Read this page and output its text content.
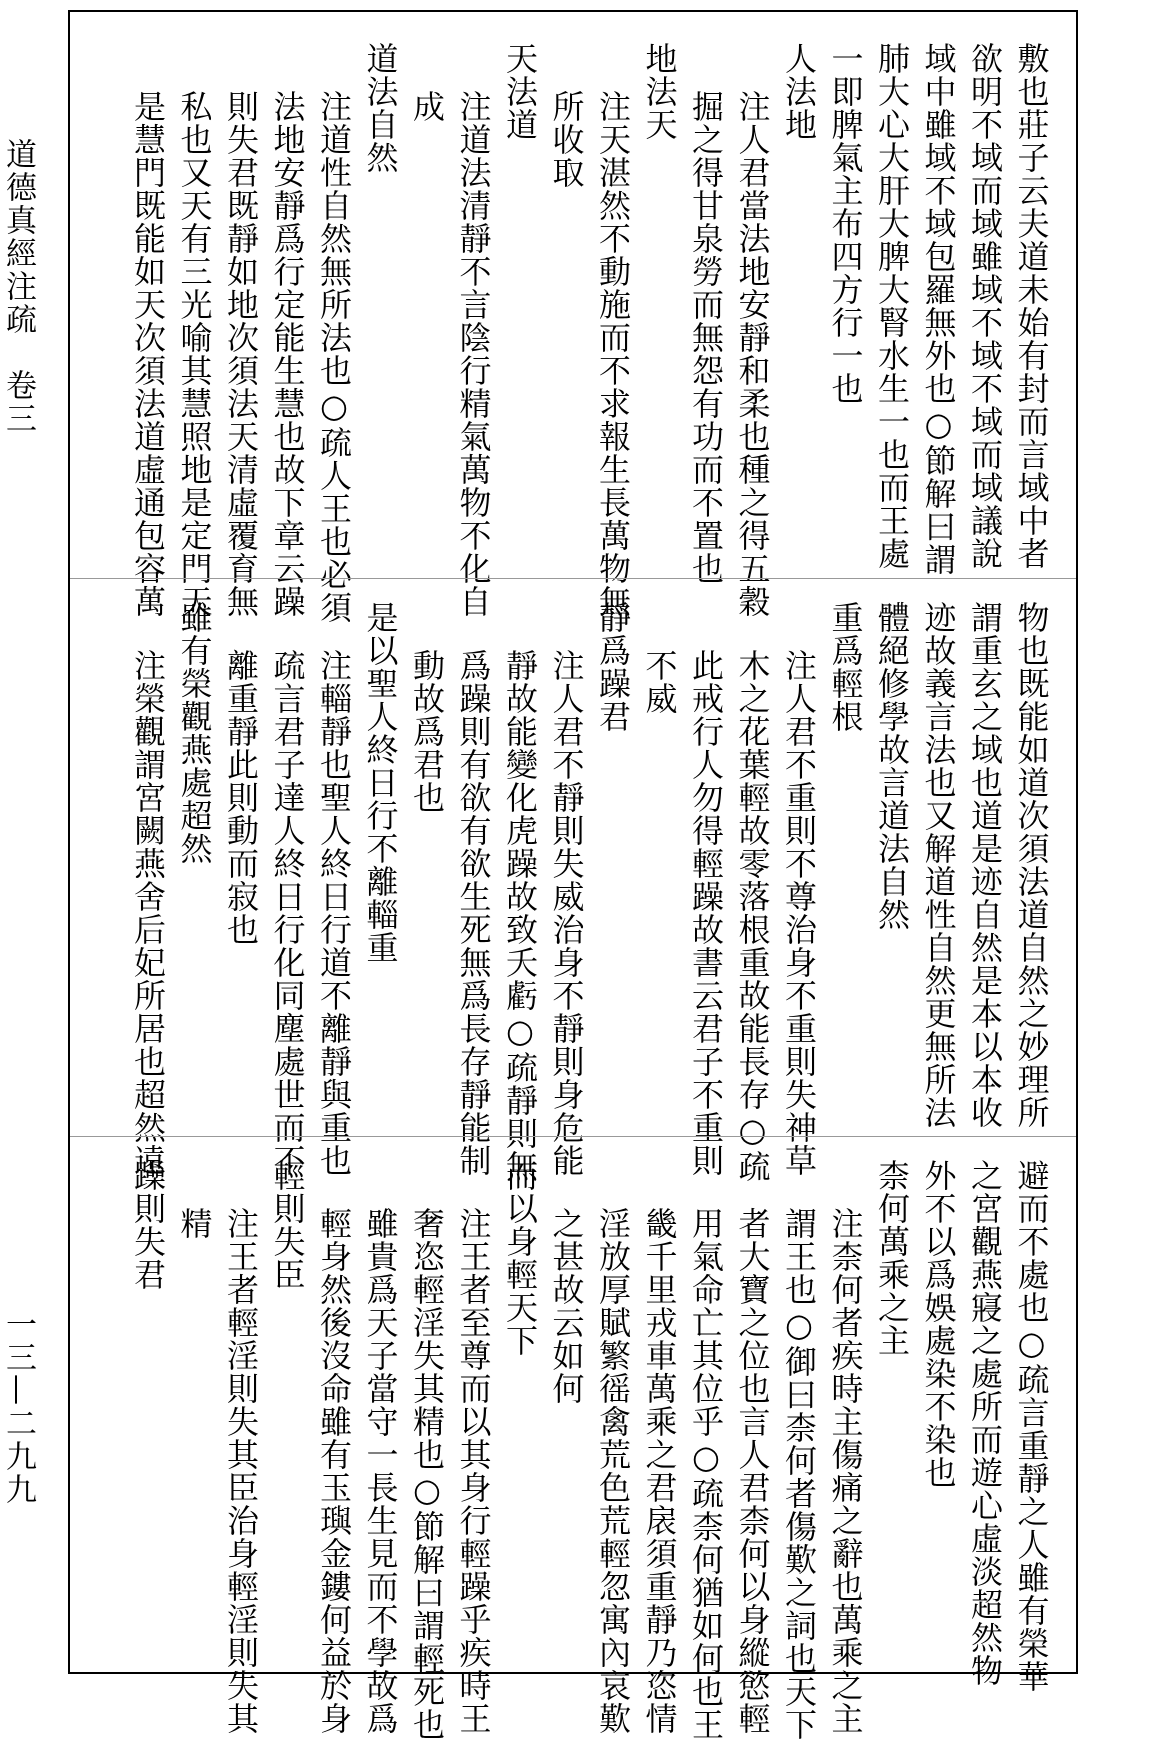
道德真經注疏　卷三
一三—二九九
敷也莊子云夫道未始有封而言域中者
欲明不域而域雖域不域不域而域議說
域中雖域不域包羅無外也○節解曰謂
肺大心大肝大脾大腎水生一也而王處
一即脾氣主布四方行一也
人法地
注人君當法地安靜和柔也種之得五穀
掘之得甘泉勞而無怨有功而不置也
地法天
注天湛然不動施而不求報生長萬物無
所收取
天法道
注道法清靜不言陰行精氣萬物不化自
成
道法自然
注道性自然無所法也○疏人王也必須
法地安靜爲行定能生慧也故下章云躁
則失君既靜如地次須法天清虛覆育無
私也又天有三光喻其慧照地是定門天
是慧門既能如天次須法道虛通包容萬
物也既能如道次須法道自然之妙理所
謂重玄之域也道是迹自然是本以本收
迹故義言法也又解道性自然更無所法
體絕修學故言道法自然
重爲輕根
注人君不重則不尊治身不重則失神草
木之花葉輕故零落根重故能長存○疏
此戒行人勿得輕躁故書云君子不重則
不威
靜爲躁君
注人君不靜則失威治身不靜則身危能
靜故能變化虎躁故致夭虧○疏靜則無
爲躁則有欲有欲生死無爲長存靜能制
動故爲君也
是以聖人終日行不離輜重
注輜靜也聖人終日行道不離靜與重也
疏言君子達人終日行化同塵處世而不
離重靜此則動而寂也
雖有榮觀燕處超然
注榮觀謂宮闕燕舍后妃所居也超然遠
避而不處也○疏言重靜之人雖有榮華
之宮觀燕寢之處所而遊心虛淡超然物
外不以爲娛處染不染也
柰何萬乘之主
注柰何者疾時主傷痛之辭也萬乘之主
謂王也○御曰柰何者傷歎之詞也天下
者大寶之位也言人君柰何以身縱慾輕
用氣命亡其位乎○疏柰何猶如何也王
畿千里戎車萬乘之君扆須重靜乃恣情
淫放厚賦繁徭禽荒色荒輕忽寓內哀歎
之甚故云如何
而以身輕天下
注王者至尊而以其身行輕躁乎疾時王
奢恣輕淫失其精也○節解曰謂輕死也
雖貴爲天子當守一長生見而不學故爲
輕身然後沒命雖有玉璵金鏤何益於身
輕則失臣
注王者輕淫則失其臣治身輕淫則失其
精
躁則失君
